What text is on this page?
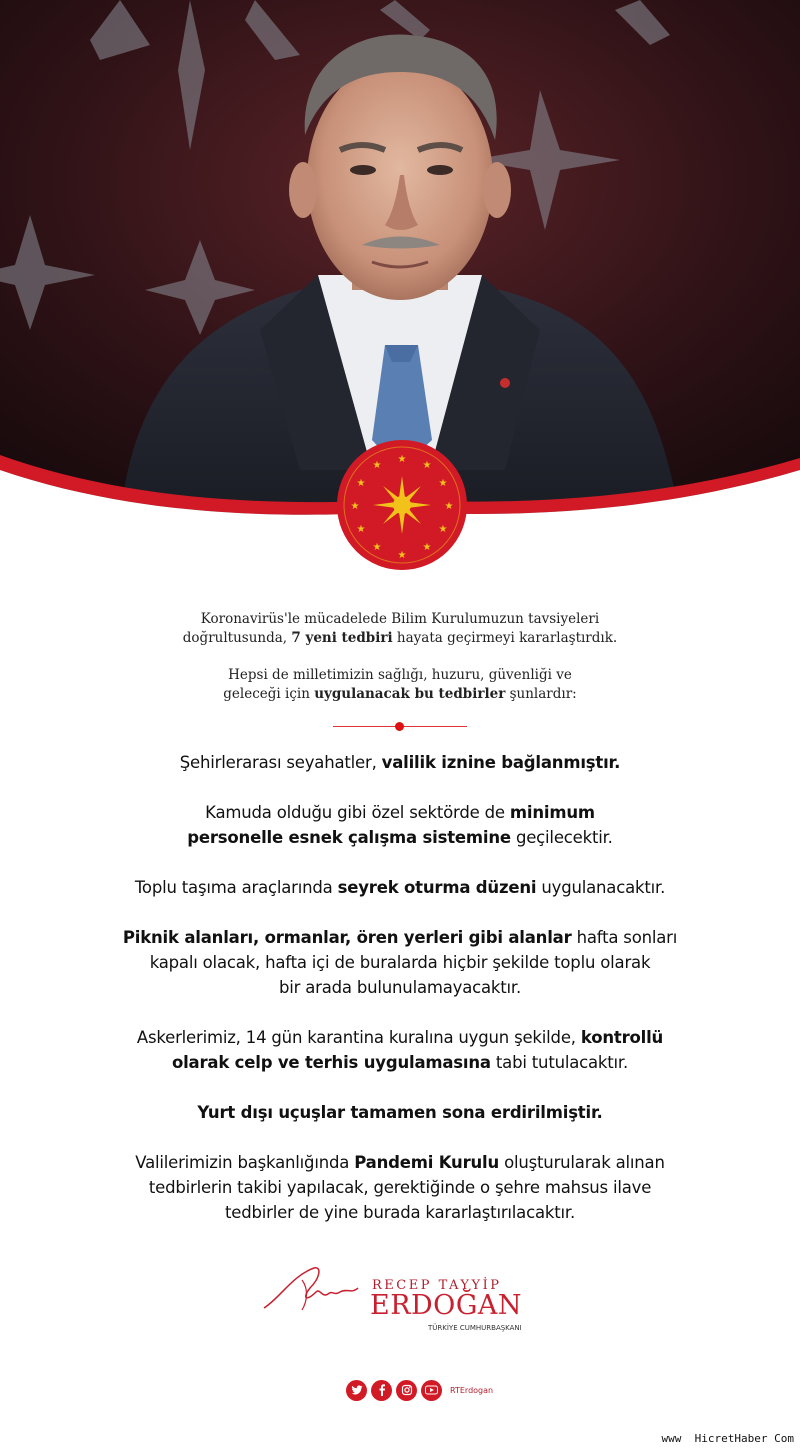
★
★
★
★
★
★
★
★
★
★
★
★

Koronavirüs'le mücadelede Bilim Kurulumuzun tavsiyeleri
doğrultusunda, 7 yeni tedbiri hayata geçirmeyi kararlaştırdık.

Hepsi de milletimizin sağlığı, huzuru, güvenliği ve
geleceği için uygulanacak bu tedbirler şunlardır:

Şehirlerarası seyahatler, valilik iznine bağlanmıştır.

Kamuda olduğu gibi özel sektörde de minimum
personelle esnek çalışma sistemine geçilecektir.

Toplu taşıma araçlarında seyrek oturma düzeni uygulanacaktır.

Piknik alanları, ormanlar, ören yerleri gibi alanlar hafta sonları
kapalı olacak, hafta içi de buralarda hiçbir şekilde toplu olarak
bir arada bulunulamayacaktır.

Askerlerimiz, 14 gün karantina kuralına uygun şekilde, kontrollü
olarak celp ve terhis uygulamasına tabi tutulacaktır.

Yurt dışı uçuşlar tamamen sona erdirilmiştir.

Valilerimizin başkanlığında Pandemi Kurulu oluşturularak alınan
tedbirlerin takibi yapılacak, gerektiğinde o şehre mahsus ilave
tedbirler de yine burada kararlaştırılacaktır.

RECEP TAYYİP
ERDOĞAN
TÜRKİYE CUMHURBAŞKANI
RTErdogan
www  HicretHaber Com
